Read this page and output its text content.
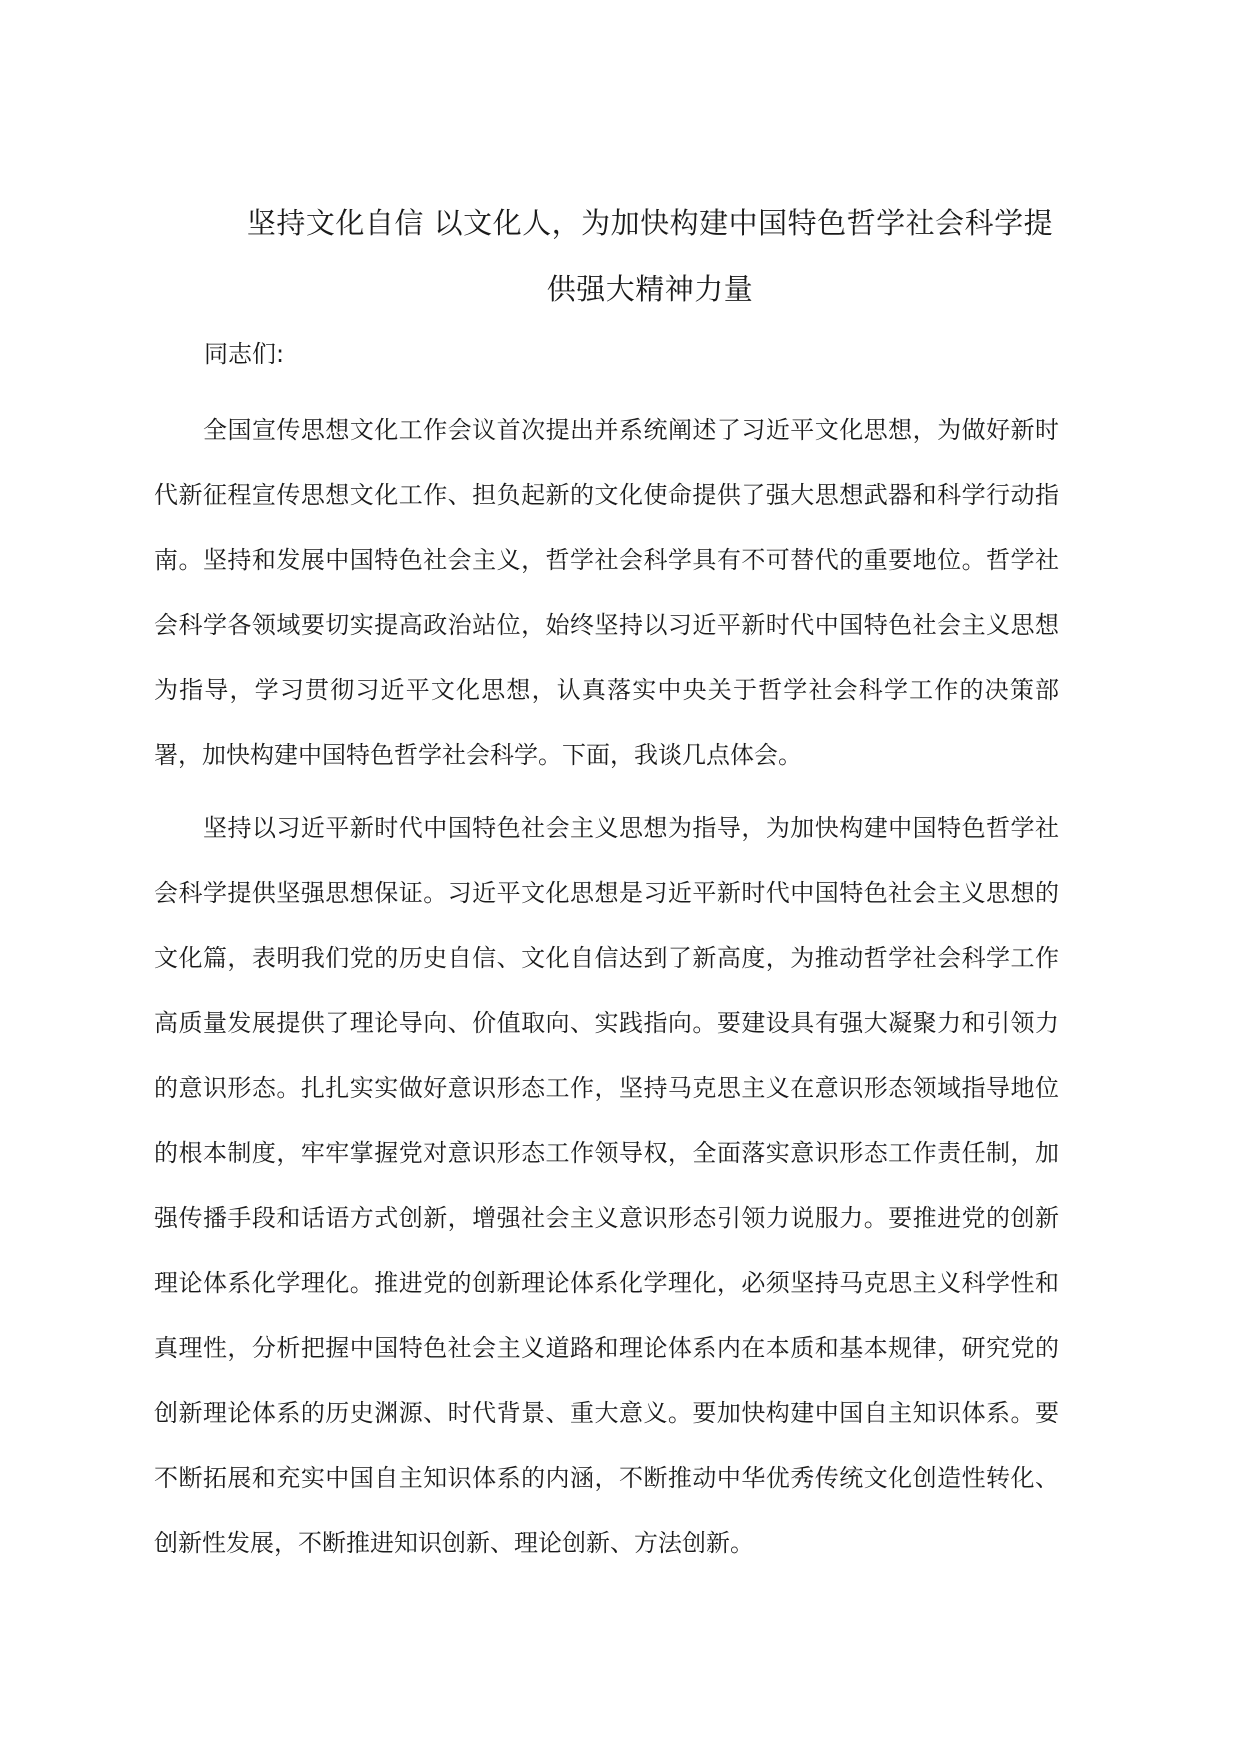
坚持文化自信 以文化人，为加快构建中国特色哲学社会科学提
供强大精神力量

同志们:

全国宣传思想文化工作会议首次提出并系统阐述了习近平文化思想，为做好新时代新征程宣传思想文化工作、担负起新的文化使命提供了强大思想武器和科学行动指南。坚持和发展中国特色社会主义，哲学社会科学具有不可替代的重要地位。哲学社会科学各领域要切实提高政治站位，始终坚持以习近平新时代中国特色社会主义思想为指导，学习贯彻习近平文化思想，认真落实中央关于哲学社会科学工作的决策部署，加快构建中国特色哲学社会科学。下面，我谈几点体会。

坚持以习近平新时代中国特色社会主义思想为指导，为加快构建中国特色哲学社会科学提供坚强思想保证。习近平文化思想是习近平新时代中国特色社会主义思想的文化篇，表明我们党的历史自信、文化自信达到了新高度，为推动哲学社会科学工作高质量发展提供了理论导向、价值取向、实践指向。要建设具有强大凝聚力和引领力的意识形态。扎扎实实做好意识形态工作，坚持马克思主义在意识形态领域指导地位的根本制度，牢牢掌握党对意识形态工作领导权，全面落实意识形态工作责任制，加强传播手段和话语方式创新，增强社会主义意识形态引领力说服力。要推进党的创新理论体系化学理化。推进党的创新理论体系化学理化，必须坚持马克思主义科学性和真理性，分析把握中国特色社会主义道路和理论体系内在本质和基本规律，研究党的创新理论体系的历史渊源、时代背景、重大意义。要加快构建中国自主知识体系。要不断拓展和充实中国自主知识体系的内涵，不断推动中华优秀传统文化创造性转化、创新性发展，不断推进知识创新、理论创新、方法创新。
